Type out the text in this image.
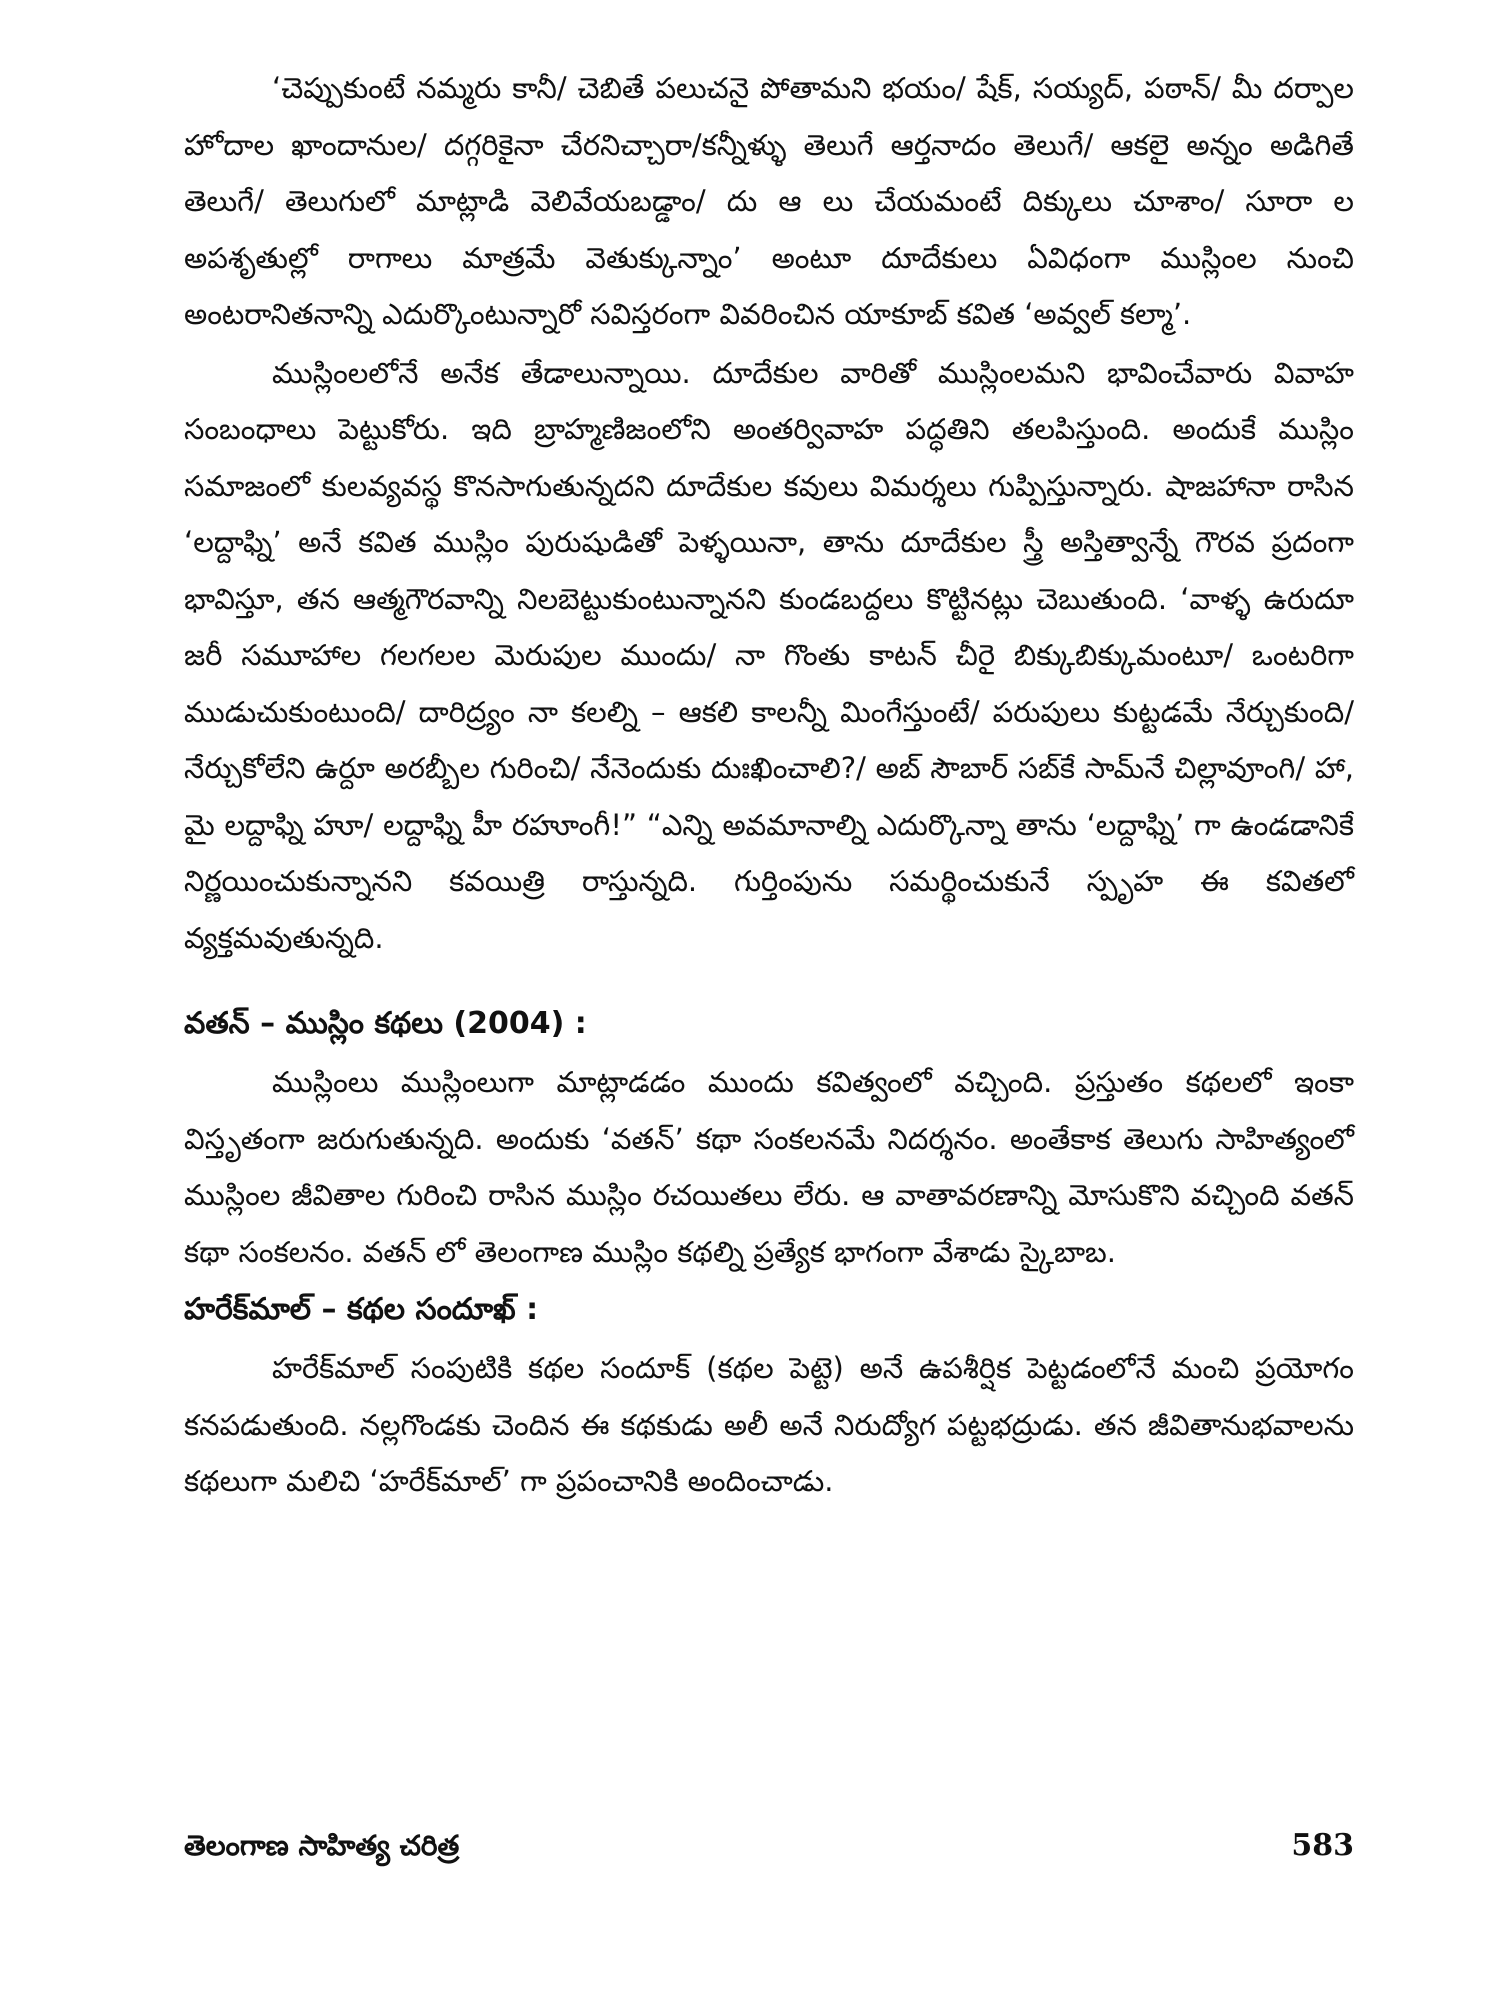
‘చెప్పుకుంటే నమ్మరు కానీ/ చెబితే పలుచనై పోతామని భయం/ షేక్, సయ్యద్, పఠాన్/ మీ దర్పాల హోదాల ఖాందానుల/ దగ్గరికైనా చేరనిచ్చారా/కన్నీళ్ళు తెలుగే ఆర్తనాదం తెలుగే/ ఆకలై అన్నం అడిగితే తెలుగే/ తెలుగులో మాట్లాడి వెలివేయబడ్డాం/ దు ఆ లు చేయమంటే దిక్కులు చూశాం/ సూరా ల అపశృతుల్లో రాగాలు మాత్రమే వెతుక్కున్నాం’ అంటూ దూదేకులు ఏవిధంగా ముస్లింల నుంచి అంటరానితనాన్ని ఎదుర్కొంటున్నారో సవిస్తరంగా వివరించిన యాకూబ్ కవిత ‘అవ్వల్ కల్మా’.

ముస్లింలలోనే అనేక తేడాలున్నాయి. దూదేకుల వారితో ముస్లింలమని భావించేవారు వివాహ సంబంధాలు పెట్టుకోరు. ఇది బ్రాహ్మణిజంలోని అంతర్వివాహ పద్ధతిని తలపిస్తుంది. అందుకే ముస్లిం సమాజంలో కులవ్యవస్థ కొనసాగుతున్నదని దూదేకుల కవులు విమర్శలు గుప్పిస్తున్నారు. షాజహానా రాసిన ‘లద్దాఫ్ని’ అనే కవిత ముస్లిం పురుషుడితో పెళ్ళయినా, తాను దూదేకుల స్త్రీ అస్తిత్వాన్నే గౌరవ ప్రదంగా భావిస్తూ, తన ఆత్మగౌరవాన్ని నిలబెట్టుకుంటున్నానని కుండబద్దలు కొట్టినట్లు చెబుతుంది. ‘వాళ్ళ ఉరుదూ జరీ సమూహాల గలగలల మెరుపుల ముందు/ నా గొంతు కాటన్ చీరై బిక్కుబిక్కుమంటూ/ ఒంటరిగా ముడుచుకుంటుంది/ దారిద్ర్యం నా కలల్ని – ఆకలి కాలన్నీ మింగేస్తుంటే/ పరుపులు కుట్టడమే నేర్చుకుంది/ నేర్చుకోలేని ఉర్దూ అరబ్బీల గురించి/ నేనెందుకు దుఃఖించాలి?/ అబ్ సౌబార్ సబ్‌కే సామ్‌నే చిల్లావూంగి/ హా, మై లద్దాఫ్ని హూ/ లద్దాఫ్ని హీ రహూంగీ!” “ఎన్ని అవమానాల్ని ఎదుర్కొన్నా తాను ‘లద్దాఫ్ని’ గా ఉండడానికే నిర్ణయించుకున్నానని కవయిత్రి రాస్తున్నది. గుర్తింపును సమర్థించుకునే స్పృహ ఈ కవితలో వ్యక్తమవుతున్నది.

వతన్ – ముస్లిం కథలు (2004) :

ముస్లింలు ముస్లింలుగా మాట్లాడడం ముందు కవిత్వంలో వచ్చింది. ప్రస్తుతం కథలలో ఇంకా విస్తృతంగా జరుగుతున్నది. అందుకు ‘వతన్’ కథా సంకలనమే నిదర్శనం. అంతేకాక తెలుగు సాహిత్యంలో ముస్లింల జీవితాల గురించి రాసిన ముస్లిం రచయితలు లేరు. ఆ వాతావరణాన్ని మోసుకొని వచ్చింది వతన్ కథా సంకలనం. వతన్ లో తెలంగాణ ముస్లిం కథల్ని ప్రత్యేక భాగంగా వేశాడు స్కైబాబ.

హరేక్‌మాల్ – కథల సందూఖ్ :

హరేక్‌మాల్ సంపుటికి కథల సందూక్ (కథల పెట్టె) అనే ఉపశీర్షిక పెట్టడంలోనే మంచి ప్రయోగం కనపడుతుంది. నల్లగొండకు చెందిన ఈ కథకుడు అలీ అనే నిరుద్యోగ పట్టభద్రుడు. తన జీవితానుభవాలను కథలుగా మలిచి ‘హరేక్‌మాల్’ గా ప్రపంచానికి అందించాడు.

తెలంగాణ సాహిత్య చరిత్ర	583
